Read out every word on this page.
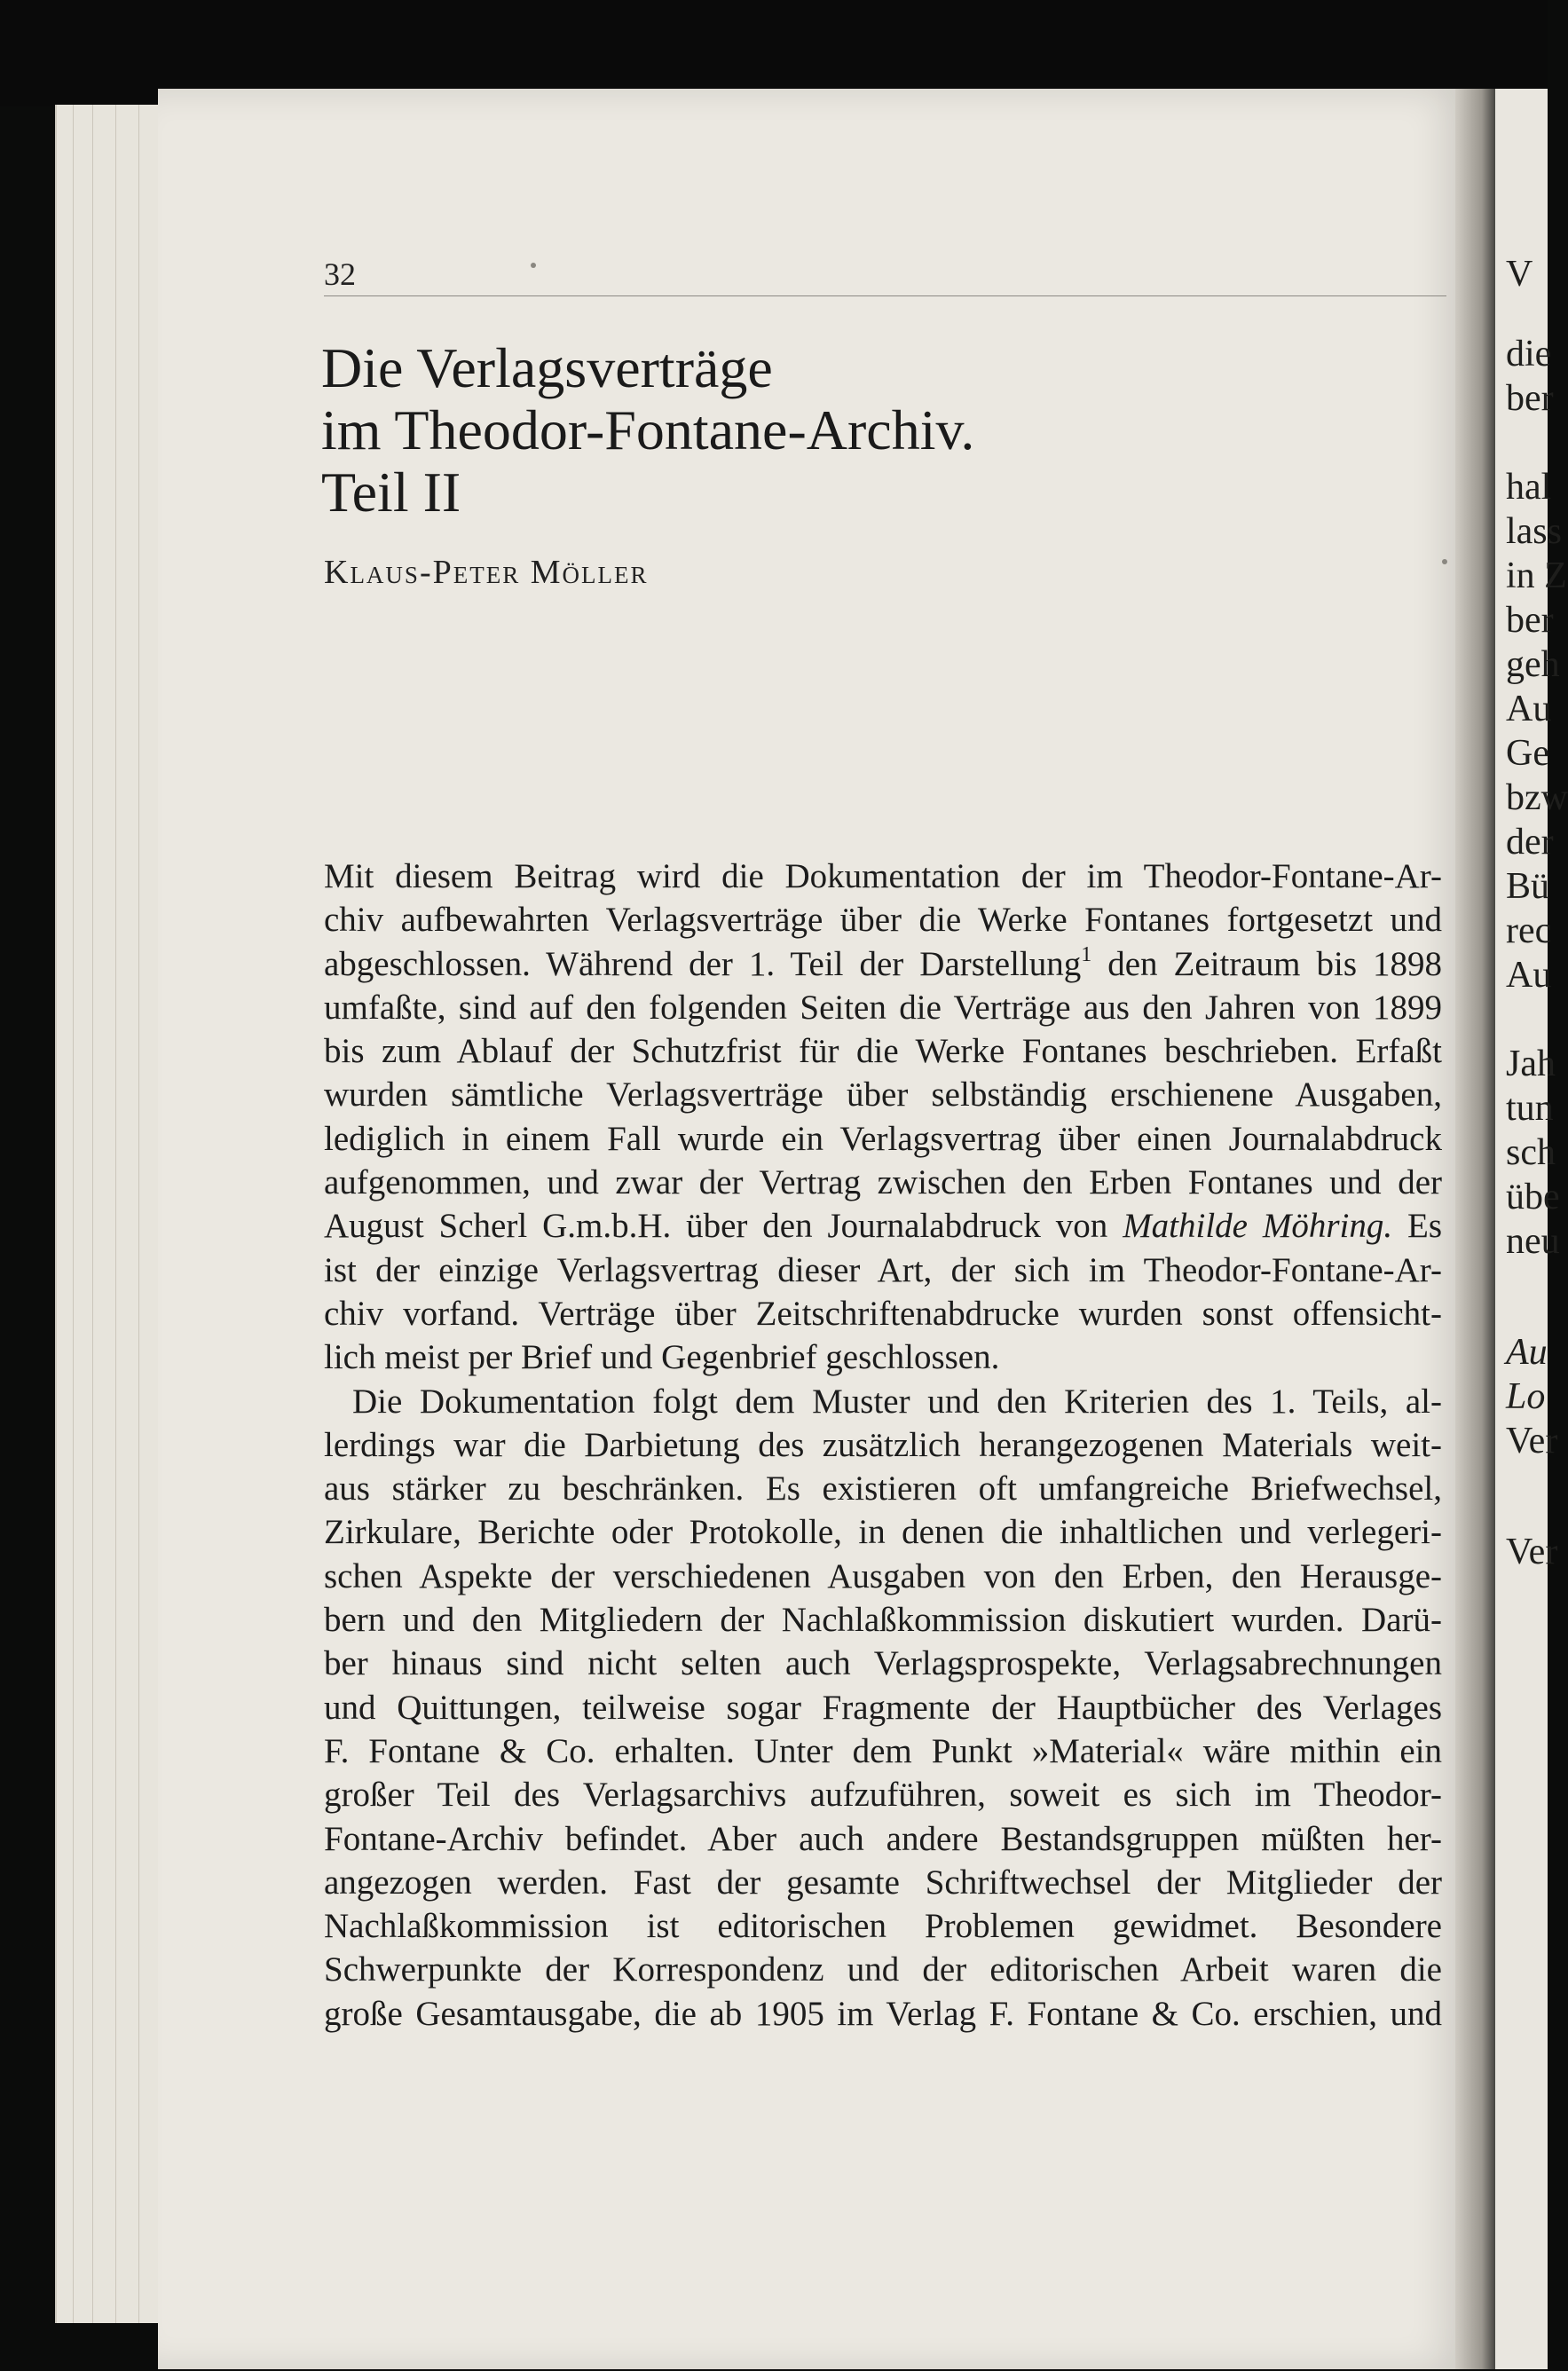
V
die
ber
hal
lass
in Z
ber
geh
Au
Ge
bzw
der
Bü
rec
Au
Jah
tun
sch
übe
neu
Au
Lo
Ver
Ver
32
Die Verlagsverträge
im Theodor-Fontane-Archiv.
Teil II
Klaus-Peter Möller
Mit diesem Beitrag wird die Dokumentation der im Theodor-Fontane-Ar-
chiv aufbewahrten Verlagsverträge über die Werke Fontanes fortgesetzt und
abgeschlossen. Während der 1. Teil der Darstellung$^1$ den Zeitraum bis 1898
umfaßte, sind auf den folgenden Seiten die Verträge aus den Jahren von 1899
bis zum Ablauf der Schutzfrist für die Werke Fontanes beschrieben. Erfaßt
wurden sämtliche Verlagsverträge über selbständig erschienene Ausgaben,
lediglich in einem Fall wurde ein Verlagsvertrag über einen Journalabdruck
aufgenommen, und zwar der Vertrag zwischen den Erben Fontanes und der
August Scherl G.m.b.H. über den Journalabdruck von Mathilde Möhring. Es
ist der einzige Verlagsvertrag dieser Art, der sich im Theodor-Fontane-Ar-
chiv vorfand. Verträge über Zeitschriftenabdrucke wurden sonst offensicht-
lich meist per Brief und Gegenbrief geschlossen.
Die Dokumentation folgt dem Muster und den Kriterien des 1. Teils, al-
lerdings war die Darbietung des zusätzlich herangezogenen Materials weit-
aus stärker zu beschränken. Es existieren oft umfangreiche Briefwechsel,
Zirkulare, Berichte oder Protokolle, in denen die inhaltlichen und verlegeri-
schen Aspekte der verschiedenen Ausgaben von den Erben, den Herausge-
bern und den Mitgliedern der Nachlaßkommission diskutiert wurden. Darü-
ber hinaus sind nicht selten auch Verlagsprospekte, Verlagsabrechnungen
und Quittungen, teilweise sogar Fragmente der Hauptbücher des Verlages
F. Fontane & Co. erhalten. Unter dem Punkt »Material« wäre mithin ein
großer Teil des Verlagsarchivs aufzuführen, soweit es sich im Theodor-
Fontane-Archiv befindet. Aber auch andere Bestandsgruppen müßten her-
angezogen werden. Fast der gesamte Schriftwechsel der Mitglieder der
Nachlaßkommission ist editorischen Problemen gewidmet. Besondere
Schwerpunkte der Korrespondenz und der editorischen Arbeit waren die
große Gesamtausgabe, die ab 1905 im Verlag F. Fontane & Co. erschien, und
